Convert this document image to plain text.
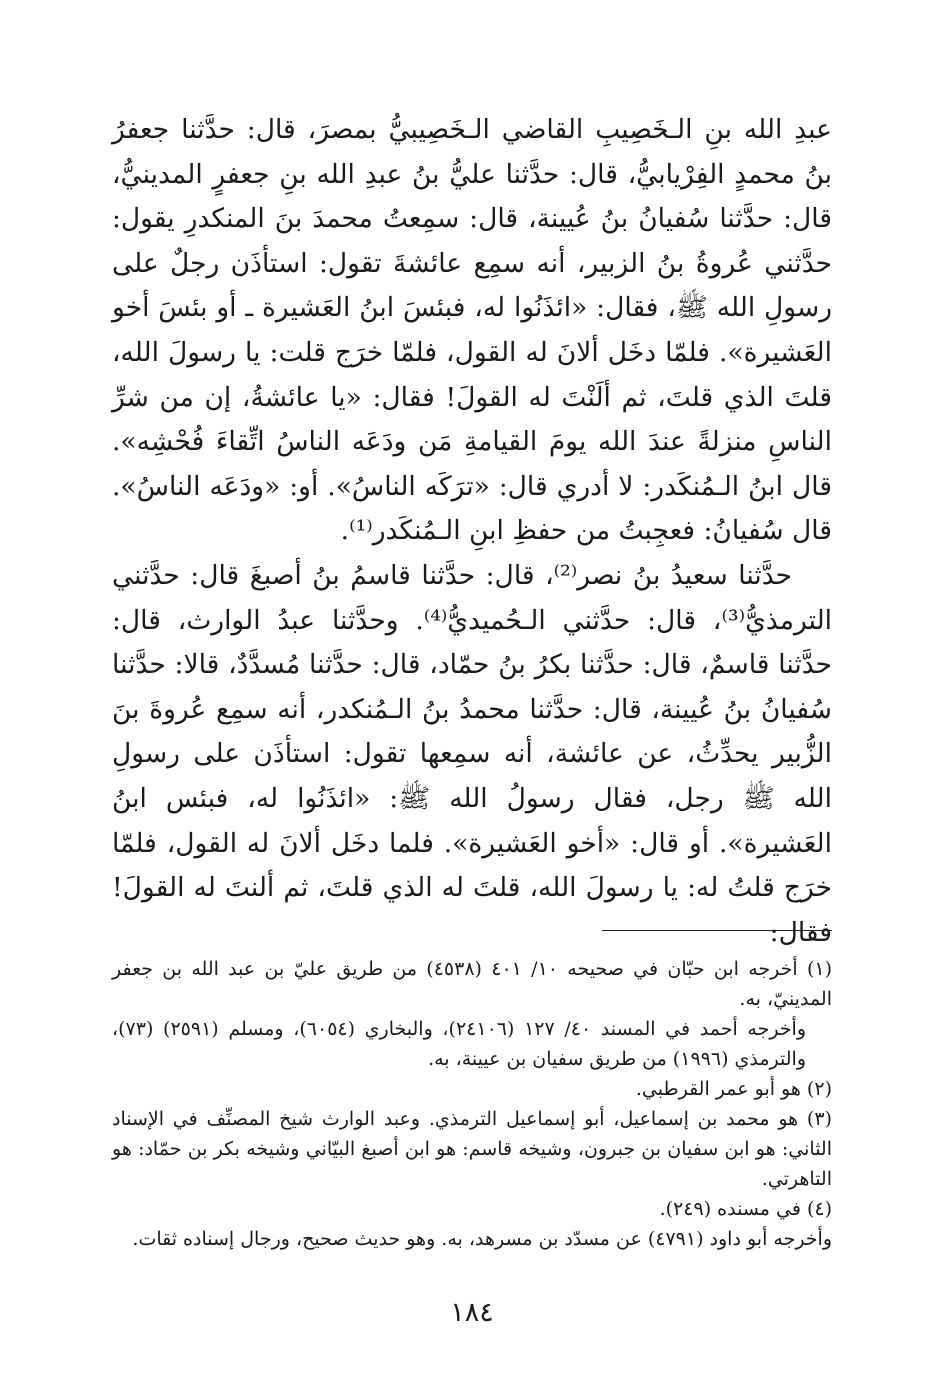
عبدِ الله بنِ الـخَصِيبِ القاضي الـخَصِيبيُّ بمصرَ، قال: حدَّثنا جعفرُ بنُ محمدٍ الفِرْيابيُّ، قال: حدَّثنا عليُّ بنُ عبدِ الله بنِ جعفرٍ المدينيُّ، قال: حدَّثنا سُفيانُ بنُ عُيينة، قال: سمِعتُ محمدَ بنَ المنكدرِ يقول: حدَّثني عُروةُ بنُ الزبير، أنه سمِع عائشةَ تقول: استأذَن رجلٌ على رسولِ الله ﷺ، فقال: «ائذَنُوا له، فبئسَ ابنُ العَشيرة ـ أو بئسَ أخو العَشيرة». فلمّا دخَل ألانَ له القول، فلمّا خرَج قلت: يا رسولَ الله، قلتَ الذي قلتَ، ثم ألَنْتَ له القولَ! فقال: «يا عائشةُ، إن من شرِّ الناسِ منزلةً عندَ الله يومَ القيامةِ مَن ودَعَه الناسُ اتِّقاءَ فُحْشِه». قال ابنُ الـمُنكَدر: لا أدري قال: «ترَكَه الناسُ». أو: «ودَعَه الناسُ». قال سُفيانُ: فعجِبتُ من حفظِ ابنِ الـمُنكَدر⁽¹⁾.

حدَّثنا سعيدُ بنُ نصر⁽²⁾، قال: حدَّثنا قاسمُ بنُ أصبغَ قال: حدَّثني الترمذيُّ⁽³⁾، قال: حدَّثني الـحُميديُّ⁽⁴⁾. وحدَّثنا عبدُ الوارث، قال: حدَّثنا قاسمٌ، قال: حدَّثنا بكرُ بنُ حمّاد، قال: حدَّثنا مُسدَّدٌ، قالا: حدَّثنا سُفيانُ بنُ عُيينة، قال: حدَّثنا محمدُ بنُ الـمُنكدر، أنه سمِع عُروةَ بنَ الزُّبير يحدِّثُ، عن عائشة، أنه سمِعها تقول: استأذَن على رسولِ الله ﷺ رجل، فقال رسولُ الله ﷺ: «ائذَنُوا له، فبئس ابنُ العَشيرة». أو قال: «أخو العَشيرة». فلما دخَل ألانَ له القول، فلمّا خرَج قلتُ له: يا رسولَ الله، قلتَ له الذي قلتَ، ثم ألنتَ له القولَ! فقال:

(١) أخرجه ابن حبّان في صحيحه ١٠/ ٤٠١ (٤٥٣٨) من طريق عليّ بن عبد الله بن جعفر المدينيّ، به.

وأخرجه أحمد في المسند ٤٠/ ١٢٧ (٢٤١٠٦)، والبخاري (٦٠٥٤)، ومسلم (٢٥٩١) (٧٣)، والترمذي (١٩٩٦) من طريق سفيان بن عيينة، به.

(٢) هو أبو عمر القرطبي.

(٣) هو محمد بن إسماعيل، أبو إسماعيل الترمذي. وعبد الوارث شيخ المصنِّف في الإسناد الثاني: هو ابن سفيان بن جبرون، وشيخه قاسم: هو ابن أصبغ البيّاني وشيخه بكر بن حمّاد: هو التاهرتي.

(٤) في مسنده (٢٤٩).

وأخرجه أبو داود (٤٧٩١) عن مسدّد بن مسرهد، به. وهو حديث صحيح، ورجال إسناده ثقات.

١٨٤
